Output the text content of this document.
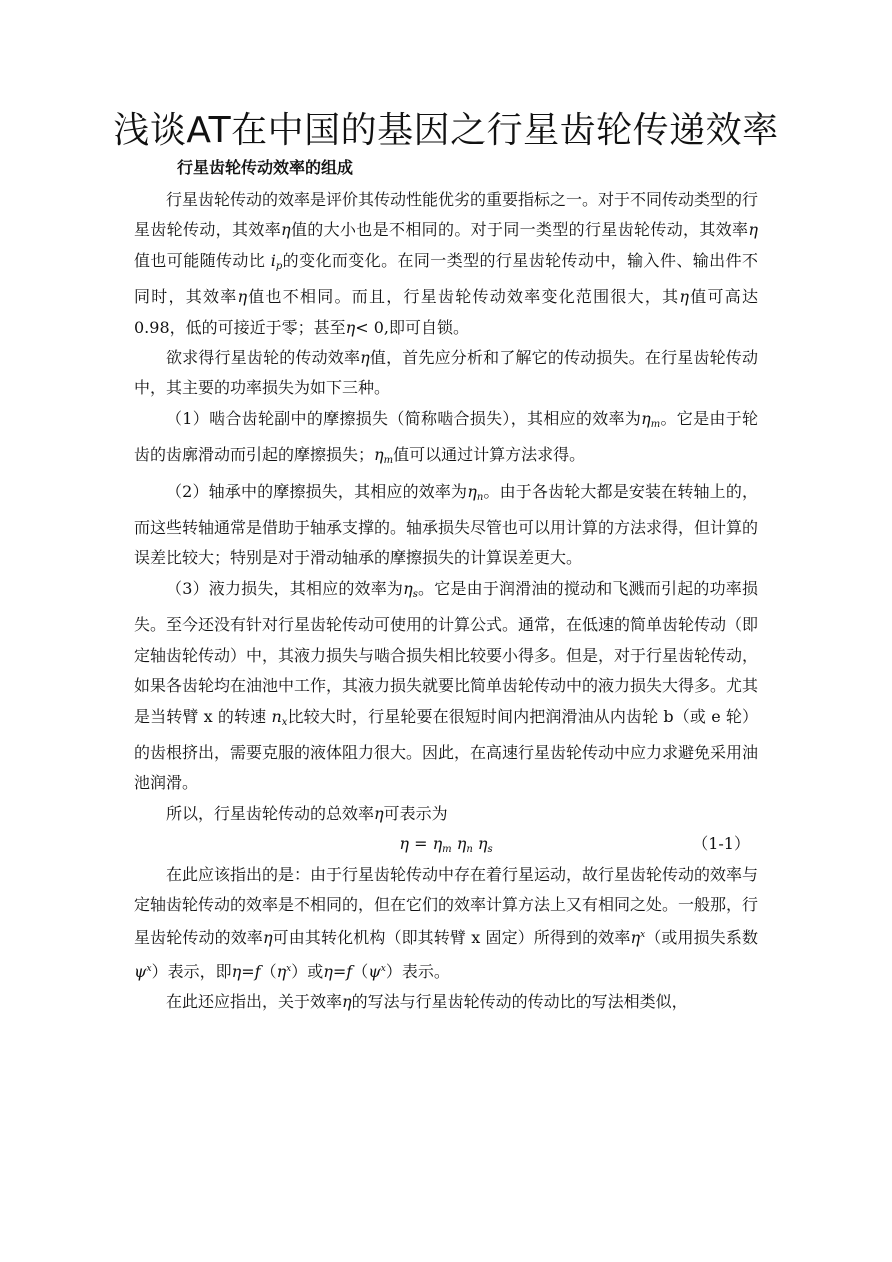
浅谈AT在中国的基因之行星齿轮传递效率
行星齿轮传动效率的组成

行星齿轮传动的效率是评价其传动性能优劣的重要指标之一。对于不同传动类型的行星齿轮传动，其效率η值的大小也是不相同的。对于同一类型的行星齿轮传动，其效率η值也可能随传动比 $i_p$的变化而变化。在同一类型的行星齿轮传动中，输入件、输出件不同时，其效率η值也不相同。而且，行星齿轮传动效率变化范围很大，其η值可高达 0.98，低的可接近于零；甚至η< 0,即可自锁。

欲求得行星齿轮的传动效率η值，首先应分析和了解它的传动损失。在行星齿轮传动中，其主要的功率损失为如下三种。

（1）啮合齿轮副中的摩擦损失（简称啮合损失），其相应的效率为$\eta_m$。它是由于轮齿的齿廓滑动而引起的摩擦损失；$\eta_m$值可以通过计算方法求得。

（2）轴承中的摩擦损失，其相应的效率为$\eta_n$。由于各齿轮大都是安装在转轴上的，而这些转轴通常是借助于轴承支撑的。轴承损失尽管也可以用计算的方法求得，但计算的误差比较大；特别是对于滑动轴承的摩擦损失的计算误差更大。

（3）液力损失，其相应的效率为$\eta_s$。它是由于润滑油的搅动和飞溅而引起的功率损失。至今还没有针对行星齿轮传动可使用的计算公式。通常，在低速的简单齿轮传动（即定轴齿轮传动）中，其液力损失与啮合损失相比较要小得多。但是，对于行星齿轮传动，如果各齿轮均在油池中工作，其液力损失就要比简单齿轮传动中的液力损失大得多。尤其是当转臂 x 的转速 $n_x$比较大时，行星轮要在很短时间内把润滑油从内齿轮 b（或 e 轮）的齿根挤出，需要克服的液体阻力很大。因此，在高速行星齿轮传动中应力求避免采用油池润滑。

所以，行星齿轮传动的总效率η可表示为

$\eta = \eta_m$ $\eta_n$ $\eta_s$	（1-1）

在此应该指出的是：由于行星齿轮传动中存在着行星运动，故行星齿轮传动的效率与定轴齿轮传动的效率是不相同的，但在它们的效率计算方法上又有相同之处。一般那，行星齿轮传动的效率η可由其转化机构（即其转臂 x 固定）所得到的效率$\eta^x$（或用损失系数$\psi^x$）表示，即$\eta=f(\eta^x)$或$\eta=f(\psi^x)$表示。

在此还应指出，关于效率η的写法与行星齿轮传动的传动比的写法相类似，
